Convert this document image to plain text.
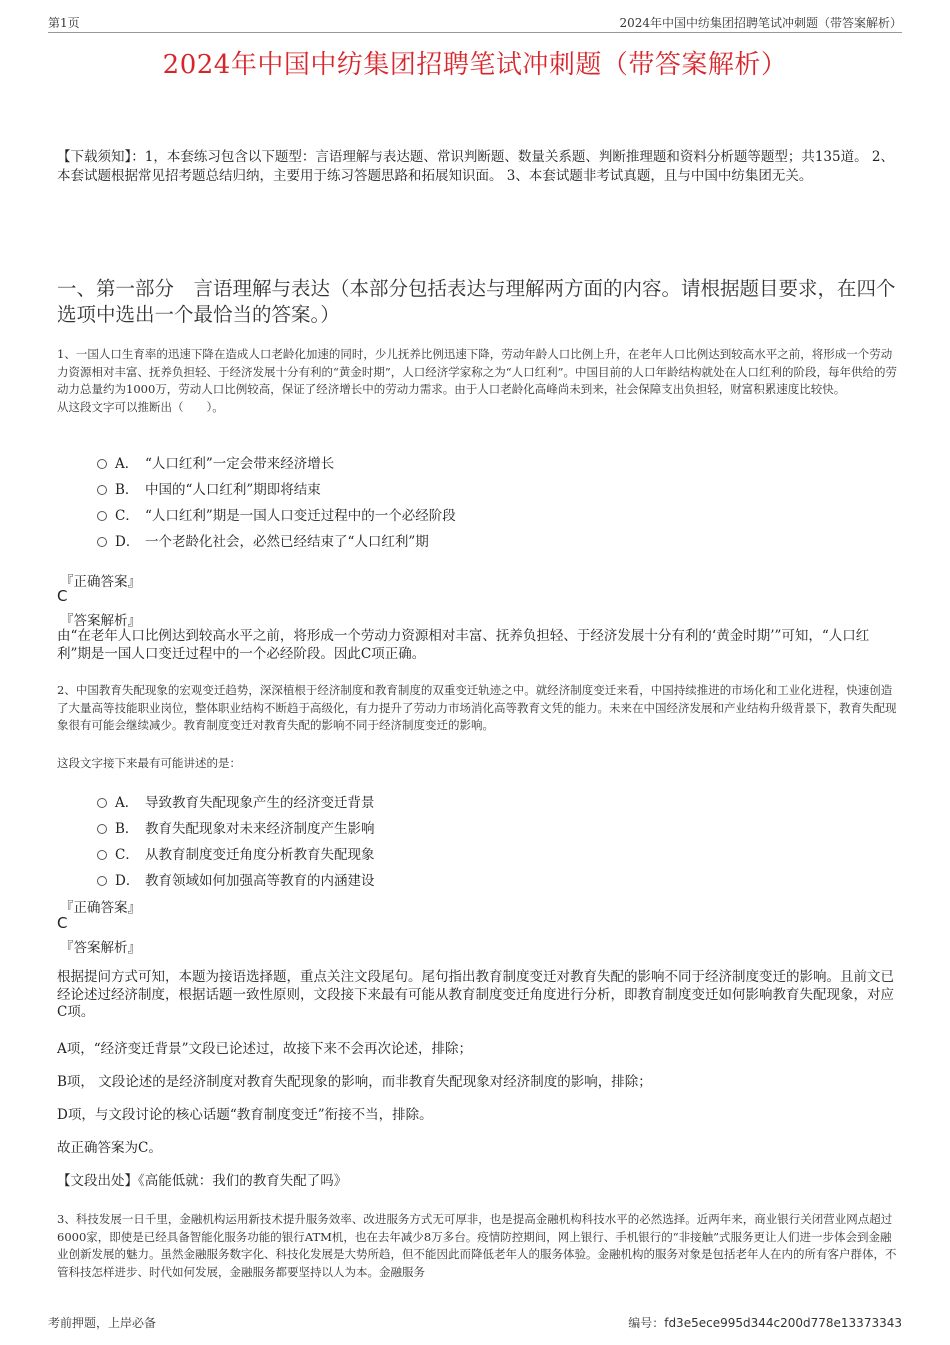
第1页	2024年中国中纺集团招聘笔试冲刺题（带答案解析）
2024年中国中纺集团招聘笔试冲刺题（带答案解析）
【下载须知】：1，本套练习包含以下题型：言语理解与表达题、常识判断题、数量关系题、判断推理题和资料分析题等题型；共135道。 2、本套试题根据常见招考题总结归纳，主要用于练习答题思路和拓展知识面。 3、本套试题非考试真题，且与中国中纺集团无关。
一、第一部分　言语理解与表达（本部分包括表达与理解两方面的内容。请根据题目要求，在四个选项中选出一个最恰当的答案。）
1、一国人口生育率的迅速下降在造成人口老龄化加速的同时，少儿抚养比例迅速下降，劳动年龄人口比例上升，在老年人口比例达到较高水平之前，将形成一个劳动力资源相对丰富、抚养负担轻、于经济发展十分有利的“黄金时期”，人口经济学家称之为“人口红利”。中国目前的人口年龄结构就处在人口红利的阶段，每年供给的劳动力总量约为1000万，劳动人口比例较高，保证了经济增长中的劳动力需求。由于人口老龄化高峰尚未到来，社会保障支出负担轻，财富积累速度比较快。
从这段文字可以推断出（　　）。
A． “人口红利”一定会带来经济增长
B． 中国的“人口红利”期即将结束
C． “人口红利”期是一国人口变迁过程中的一个必经阶段
D． 一个老龄化社会，必然已经结束了“人口红利”期
『正确答案』
C
『答案解析』
由“在老年人口比例达到较高水平之前，将形成一个劳动力资源相对丰富、抚养负担轻、于经济发展十分有利的‘黄金时期’”可知，“人口红利”期是一国人口变迁过程中的一个必经阶段。因此C项正确。
2、中国教育失配现象的宏观变迁趋势，深深植根于经济制度和教育制度的双重变迁轨迹之中。就经济制度变迁来看，中国持续推进的市场化和工业化进程，快速创造了大量高等技能职业岗位，整体职业结构不断趋于高级化，有力提升了劳动力市场消化高等教育文凭的能力。未来在中国经济发展和产业结构升级背景下，教育失配现象很有可能会继续减少。教育制度变迁对教育失配的影响不同于经济制度变迁的影响。
这段文字接下来最有可能讲述的是：
A． 导致教育失配现象产生的经济变迁背景
B． 教育失配现象对未来经济制度产生影响
C． 从教育制度变迁角度分析教育失配现象
D． 教育领域如何加强高等教育的内涵建设
『正确答案』
C
『答案解析』
根据提问方式可知，本题为接语选择题，重点关注文段尾句。尾句指出教育制度变迁对教育失配的影响不同于经济制度变迁的影响。且前文已经论述过经济制度，根据话题一致性原则，文段接下来最有可能从教育制度变迁角度进行分析，即教育制度变迁如何影响教育失配现象，对应C项。
A项，“经济变迁背景”文段已论述过，故接下来不会再次论述，排除；
B项， 文段论述的是经济制度对教育失配现象的影响，而非教育失配现象对经济制度的影响，排除；
D项，与文段讨论的核心话题“教育制度变迁”衔接不当，排除。
故正确答案为C。
【文段出处】《高能低就：我们的教育失配了吗》
3、科技发展一日千里，金融机构运用新技术提升服务效率、改进服务方式无可厚非，也是提高金融机构科技水平的必然选择。近两年来，商业银行关闭营业网点超过6000家，即使是已经具备智能化服务功能的银行ATM机，也在去年减少8万多台。疫情防控期间，网上银行、手机银行的“非接触”式服务更让人们进一步体会到金融业创新发展的魅力。虽然金融服务数字化、科技化发展是大势所趋，但不能因此而降低老年人的服务体验。金融机构的服务对象是包括老年人在内的所有客户群体，不管科技怎样进步、时代如何发展，金融服务都要坚持以人为本。金融服务
考前押题，上岸必备	编号：fd3e5ece995d344c200d778e13373343
